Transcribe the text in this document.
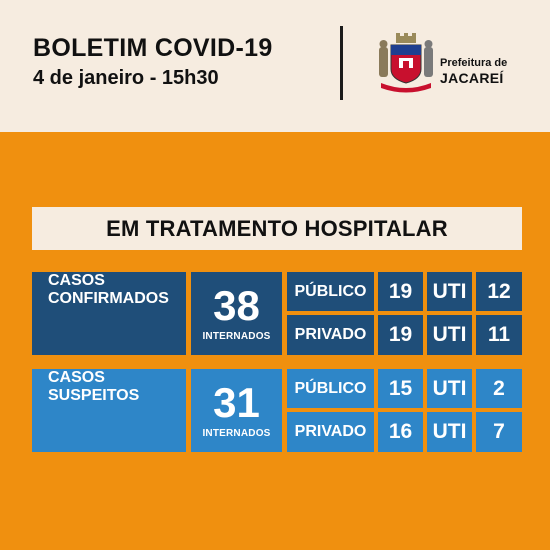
BOLETIM COVID-19
4 de janeiro - 15h30
Prefeitura de
JACAREÍ
EM TRATAMENTO HOSPITALAR
CASOS
CONFIRMADOS 38
INTERNADOS
PÚBLICO	19 UTI 12
PRIVADO	19 UTI	11
CASOS
SUSPEITOS 31
INTERNADOS
PÚBLICO	15 UTI	2
PRIVADO	16 UTI	7
